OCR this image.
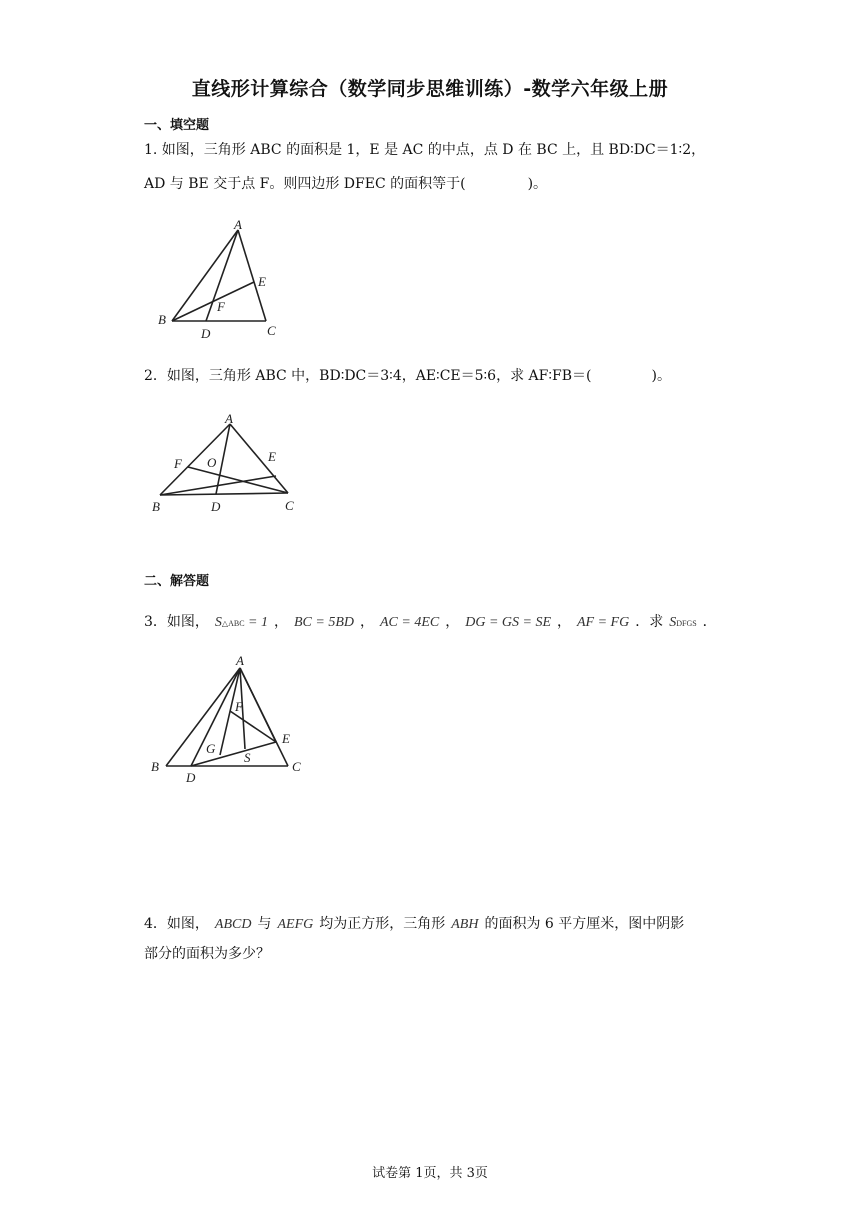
直线形计算综合（数学同步思维训练）-数学六年级上册
一、填空题
1. 如图，三角形 ABC 的面积是 1，E 是 AC 的中点，点 D 在 BC 上，且 BD∶DC＝1∶2，
AD 与 BE 交于点 F。则四边形 DFEC 的面积等于(	)。
A
B
C
D
E
F
2．如图，三角形 ABC 中，BD∶DC＝3∶4，AE∶CE＝5∶6，求 AF∶FB＝(	)。
A
B	C
D
E
F O
二、解答题
3．如图， S△ABC = 1 ， BC = 5BD ， AC = 4EC ， DG = GS = SE ， AF = FG ．求 SDFGS ．
A
B	C
D
E
F
G
S
4．如图， ABCD 与 AEFG 均为正方形，三角形 ABH 的面积为 6 平方厘米，图中阴影
部分的面积为多少？
试卷第 1页，共 3页
